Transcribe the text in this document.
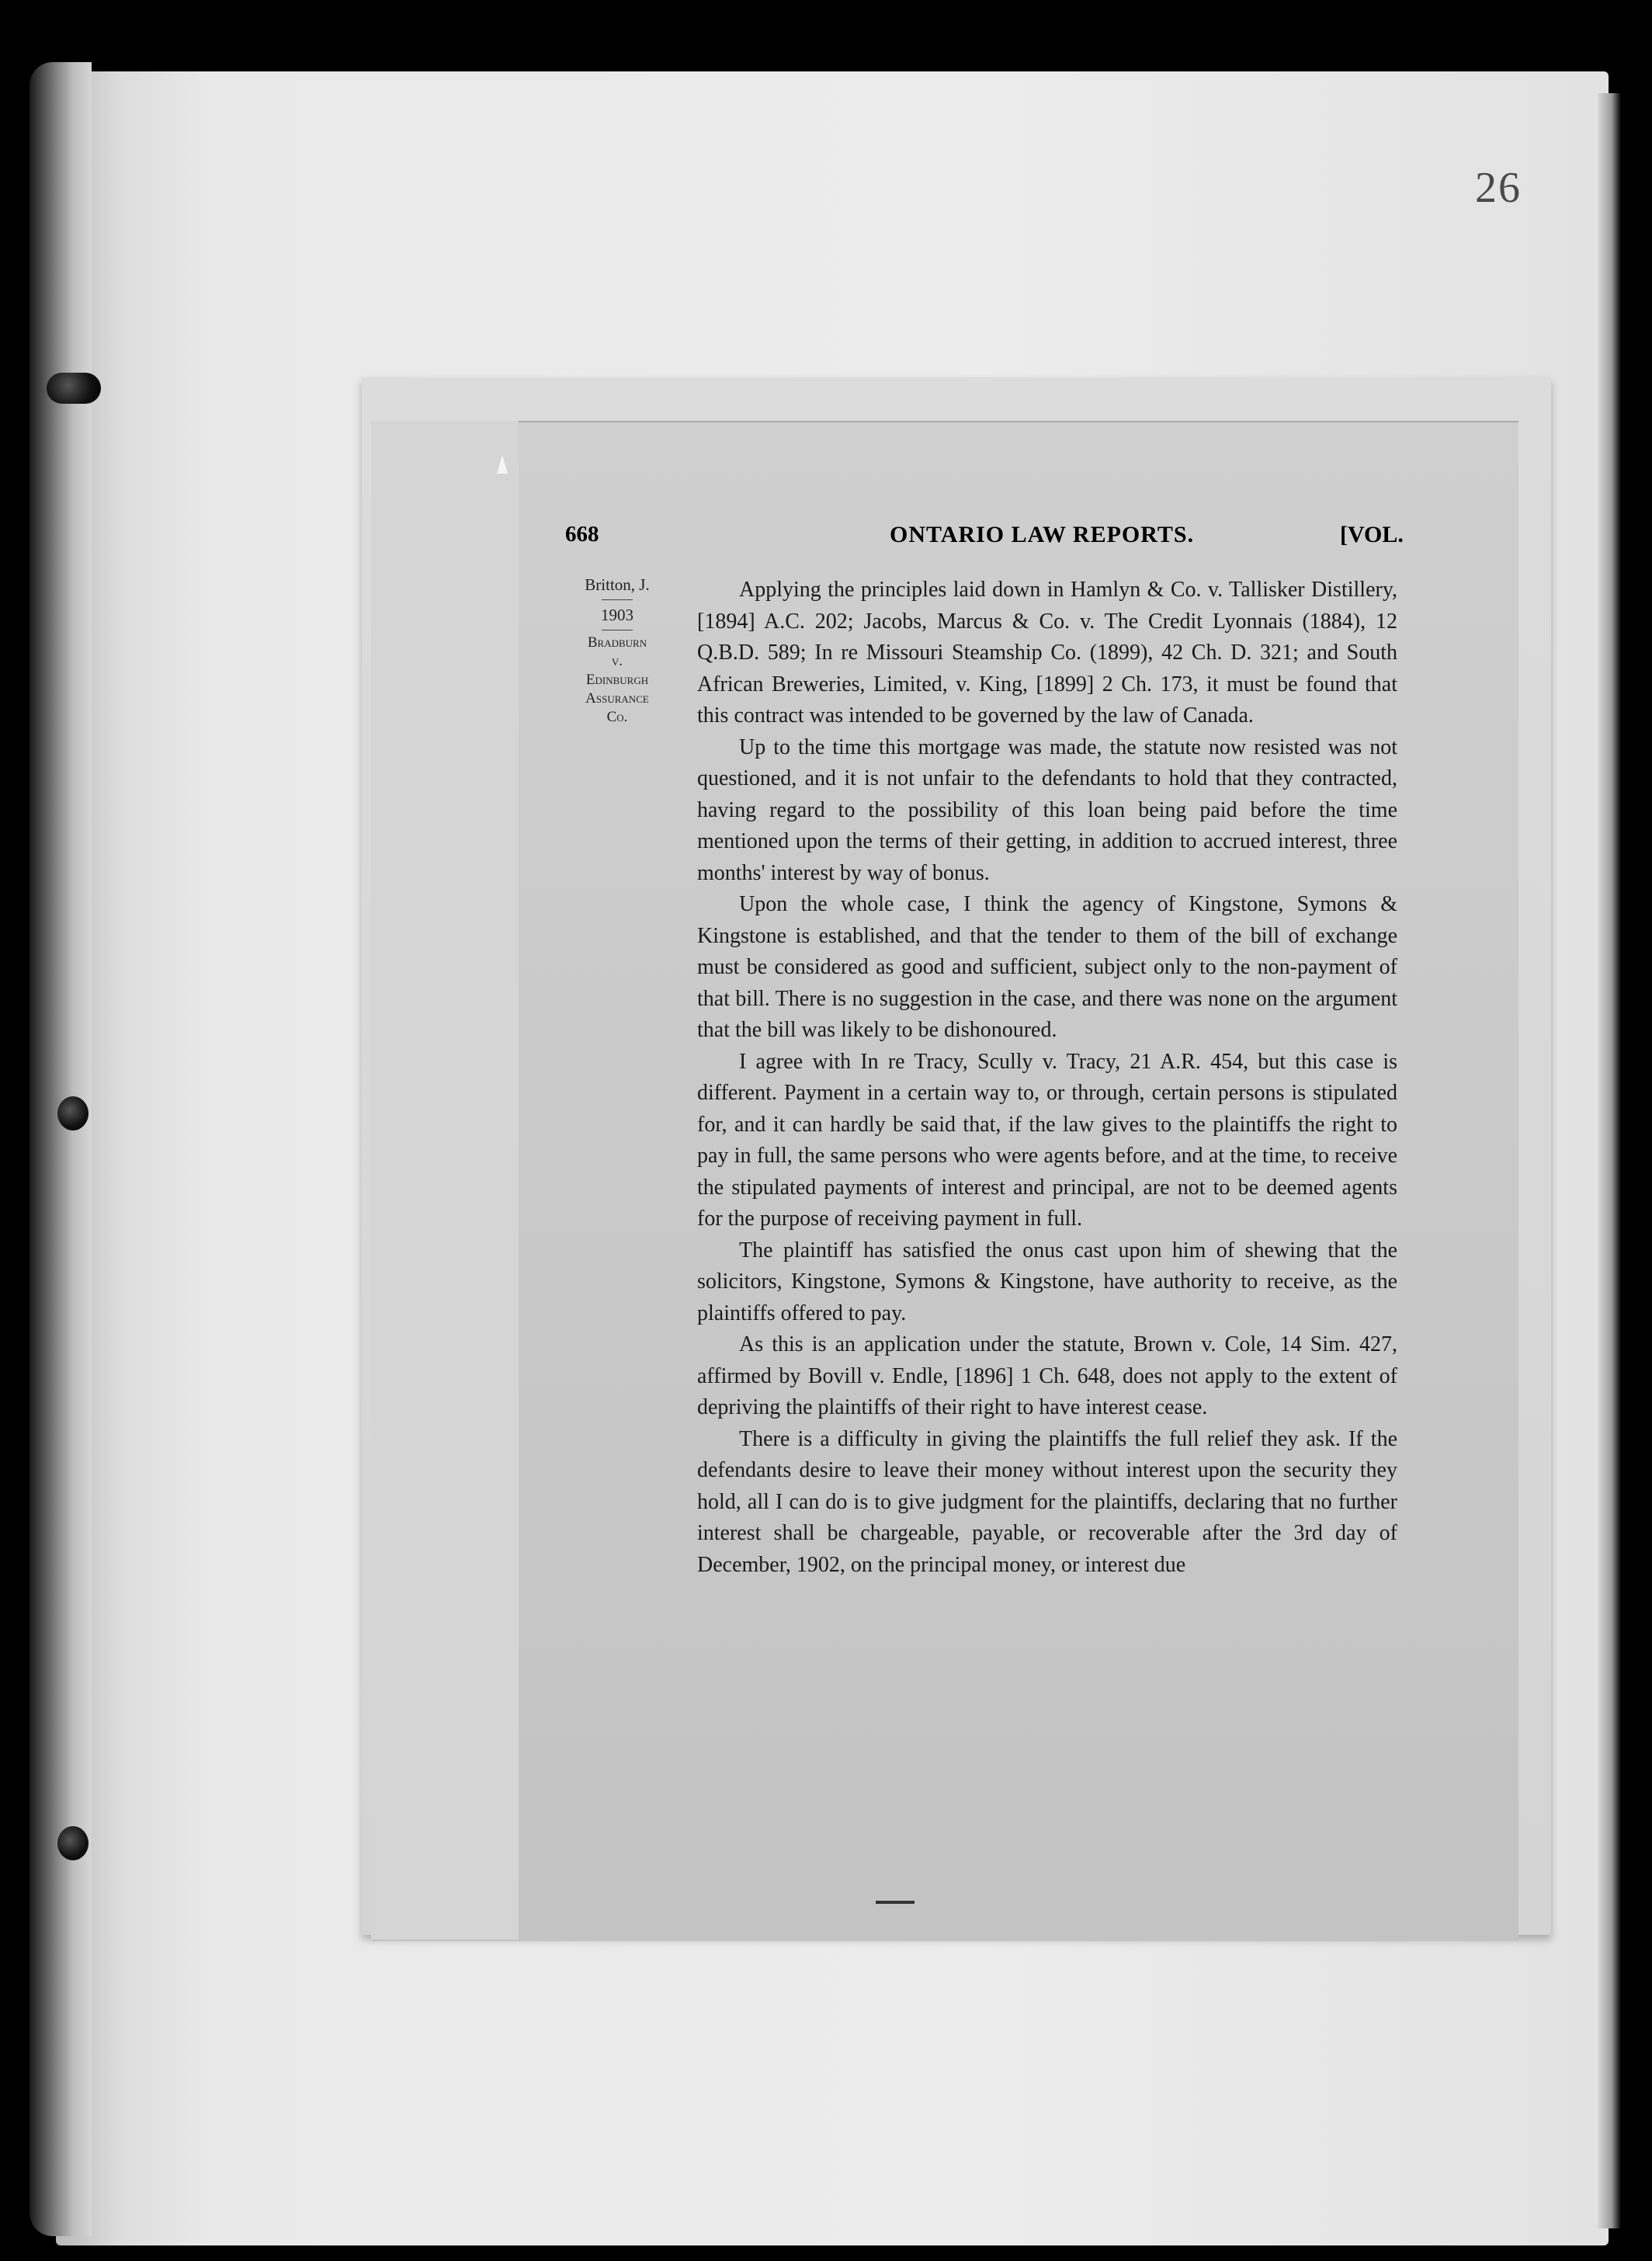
26
668	ONTARIO LAW REPORTS.	[VOL.
Britton, J.
1903
Bradburn
v.
Edinburgh
Assurance
Co.

Applying the principles laid down in Hamlyn & Co. v. Tallisker Distillery, [1894] A.C. 202; Jacobs, Marcus & Co. v. The Credit Lyonnais (1884), 12 Q.B.D. 589; In re Missouri Steamship Co. (1899), 42 Ch. D. 321; and South African Breweries, Limited, v. King, [1899] 2 Ch. 173, it must be found that this contract was intended to be governed by the law of Canada.

Up to the time this mortgage was made, the statute now resisted was not questioned, and it is not unfair to the defendants to hold that they contracted, having regard to the possibility of this loan being paid before the time mentioned upon the terms of their getting, in addition to accrued interest, three months' interest by way of bonus.

Upon the whole case, I think the agency of Kingstone, Symons & Kingstone is established, and that the tender to them of the bill of exchange must be considered as good and sufficient, subject only to the non-payment of that bill. There is no suggestion in the case, and there was none on the argument that the bill was likely to be dishonoured.

I agree with In re Tracy, Scully v. Tracy, 21 A.R. 454, but this case is different. Payment in a certain way to, or through, certain persons is stipulated for, and it can hardly be said that, if the law gives to the plaintiffs the right to pay in full, the same persons who were agents before, and at the time, to receive the stipulated payments of interest and principal, are not to be deemed agents for the purpose of receiving payment in full.

The plaintiff has satisfied the onus cast upon him of shewing that the solicitors, Kingstone, Symons & Kingstone, have authority to receive, as the plaintiffs offered to pay.

As this is an application under the statute, Brown v. Cole, 14 Sim. 427, affirmed by Bovill v. Endle, [1896] 1 Ch. 648, does not apply to the extent of depriving the plaintiffs of their right to have interest cease.

There is a difficulty in giving the plaintiffs the full relief they ask. If the defendants desire to leave their money without interest upon the security they hold, all I can do is to give judgment for the plaintiffs, declaring that no further interest shall be chargeable, payable, or recoverable after the 3rd day of December, 1902, on the principal money, or interest due
